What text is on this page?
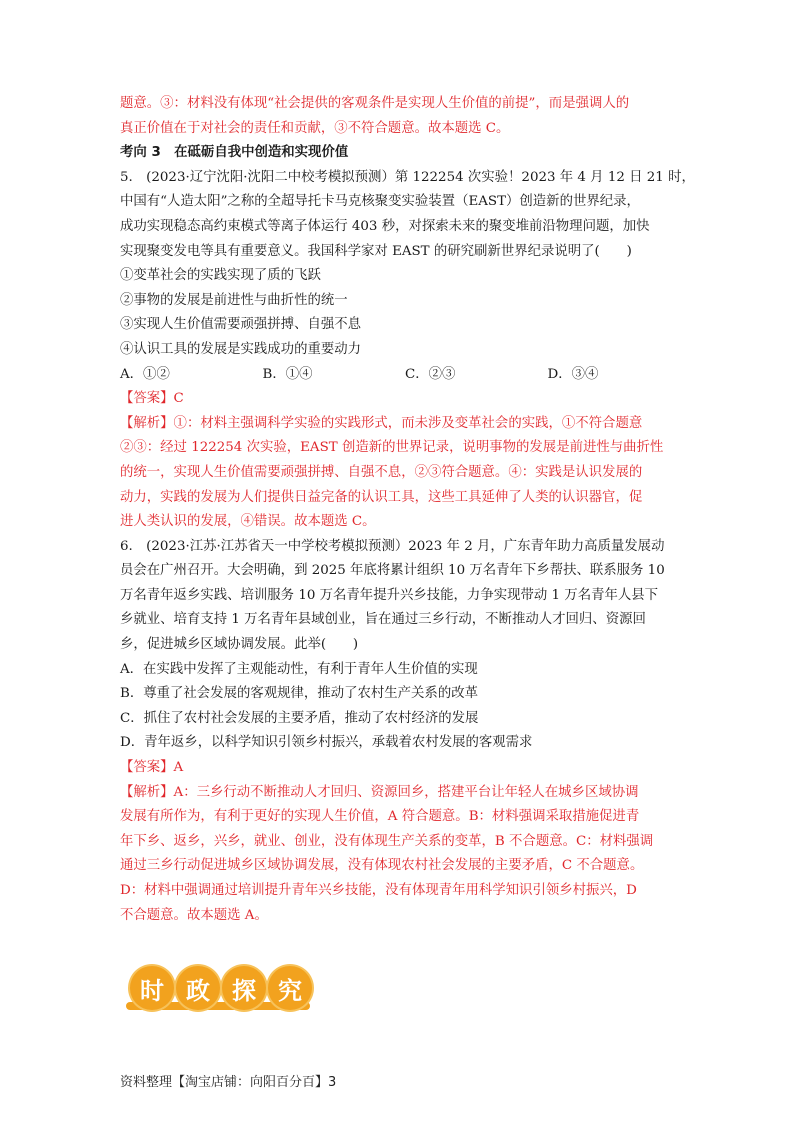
题意。③：材料没有体现“社会提供的客观条件是实现人生价值的前提”，而是强调人的
真正价值在于对社会的责任和贡献，③不符合题意。故本题选 C。
考向 3　在砥砺自我中创造和实现价值
5.　(2023·辽宁沈阳·沈阳二中校考模拟预测）第 122254 次实验！2023 年 4 月 12 日 21 时，
中国有“人造太阳”之称的全超导托卡马克核聚变实验装置（EAST）创造新的世界纪录，
成功实现稳态高约束模式等离子体运行 403 秒，对探索未来的聚变堆前沿物理问题，加快
实现聚变发电等具有重要意义。我国科学家对 EAST 的研究刷新世界纪录说明了(　　)
①变革社会的实践实现了质的飞跃
②事物的发展是前进性与曲折性的统一
③实现人生价值需要顽强拼搏、自强不息
④认识工具的发展是实践成功的重要动力
A．①②	B．①④	C．②③	D．③④
【答案】C
【解析】①：材料主强调科学实验的实践形式，而未涉及变革社会的实践，①不符合题意
②③：经过 122254 次实验，EAST 创造新的世界记录，说明事物的发展是前进性与曲折性
的统一，实现人生价值需要顽强拼搏、自强不息，②③符合题意。④：实践是认识发展的
动力，实践的发展为人们提供日益完备的认识工具，这些工具延伸了人类的认识器官，促
进人类认识的发展，④错误。故本题选 C。
6.　(2023·江苏·江苏省天一中学校考模拟预测）2023 年 2 月，广东青年助力高质量发展动
员会在广州召开。大会明确，到 2025 年底将累计组织 10 万名青年下乡帮扶、联系服务 10
万名青年返乡实践、培训服务 10 万名青年提升兴乡技能，力争实现带动 1 万名青年人县下
乡就业、培育支持 1 万名青年县域创业，旨在通过三乡行动，不断推动人才回归、资源回
乡，促进城乡区域协调发展。此举(　　)
A．在实践中发挥了主观能动性，有利于青年人生价值的实现
B．尊重了社会发展的客观规律，推动了农村生产关系的改革
C．抓住了农村社会发展的主要矛盾，推动了农村经济的发展
D．青年返乡，以科学知识引领乡村振兴，承载着农村发展的客观需求
【答案】A
【解析】A：三乡行动不断推动人才回归、资源回乡，搭建平台让年轻人在城乡区域协调
发展有所作为，有利于更好的实现人生价值，A 符合题意。B：材料强调采取措施促进青
年下乡、返乡，兴乡，就业、创业，没有体现生产关系的变革，B 不合题意。C：材料强调
通过三乡行动促进城乡区域协调发展，没有体现农村社会发展的主要矛盾，C 不合题意。
D：材料中强调通过培训提升青年兴乡技能，没有体现青年用科学知识引领乡村振兴，D
不合题意。故本题选 A。
时 政 探 究
资料整理【淘宝店铺：向阳百分百】3
